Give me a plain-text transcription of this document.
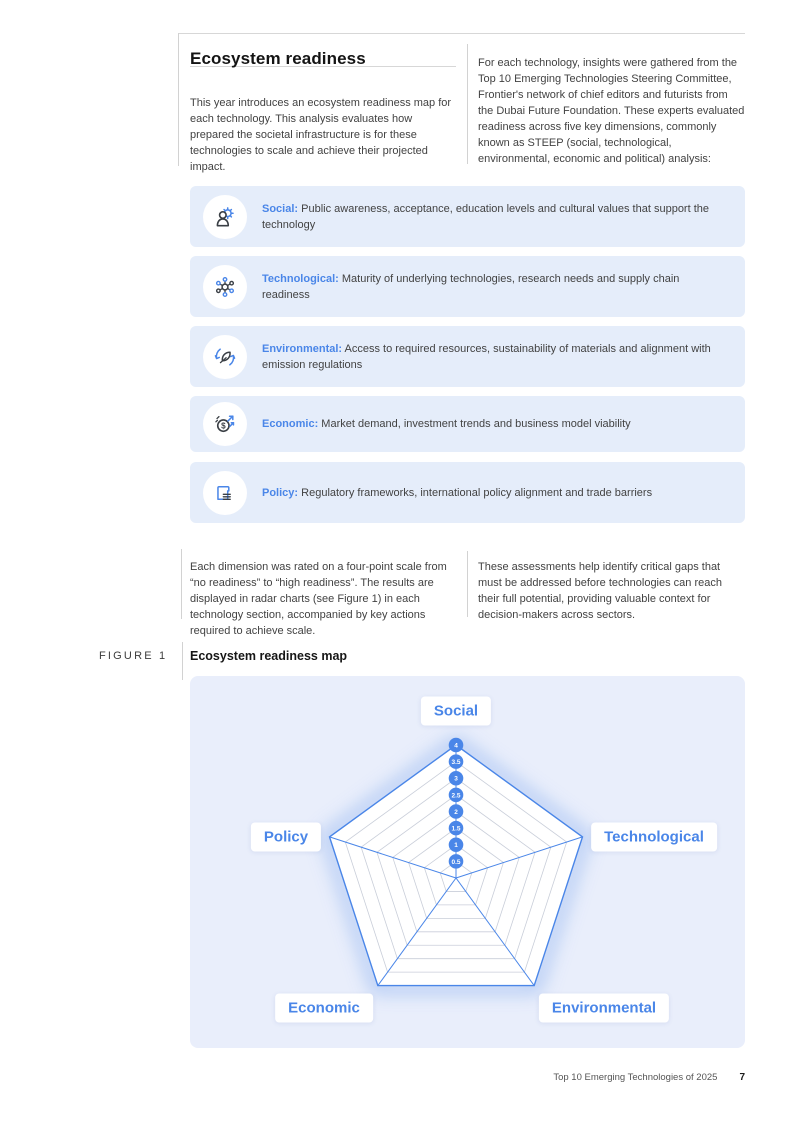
Ecosystem readiness

This year introduces an ecosystem readiness map for each technology. This analysis evaluates how prepared the societal infrastructure is for these technologies to scale and achieve their projected impact.

For each technology, insights were gathered from the Top 10 Emerging Technologies Steering Committee, Frontier's network of chief editors and futurists from the Dubai Future Foundation. These experts evaluated readiness across five key dimensions, commonly known as STEEP (social, technological, environmental, economic and political) analysis:

Social: Public awareness, acceptance, education levels and cultural values that support the technology
Technological: Maturity of underlying technologies, research needs and supply chain readiness
Environmental: Access to required resources, sustainability of materials and alignment with emission regulations
$	Economic: Market demand, investment trends and business model viability
Policy: Regulatory frameworks, international policy alignment and trade barriers

Each dimension was rated on a four-point scale from “no readiness” to “high readiness”. The results are displayed in radar charts (see Figure 1) in each technology section, accompanied by key actions required to achieve scale.

These assessments help identify critical gaps that must be addressed before technologies can reach their full potential, providing valuable context for decision-makers across sectors.

FIGURE 1 Ecosystem readiness map
0.5
1
1.5
2
2.5
3
3.5
4
Social
Technological
Environmental
Economic
Policy
Top 10 Emerging Technologies of 2025 7
